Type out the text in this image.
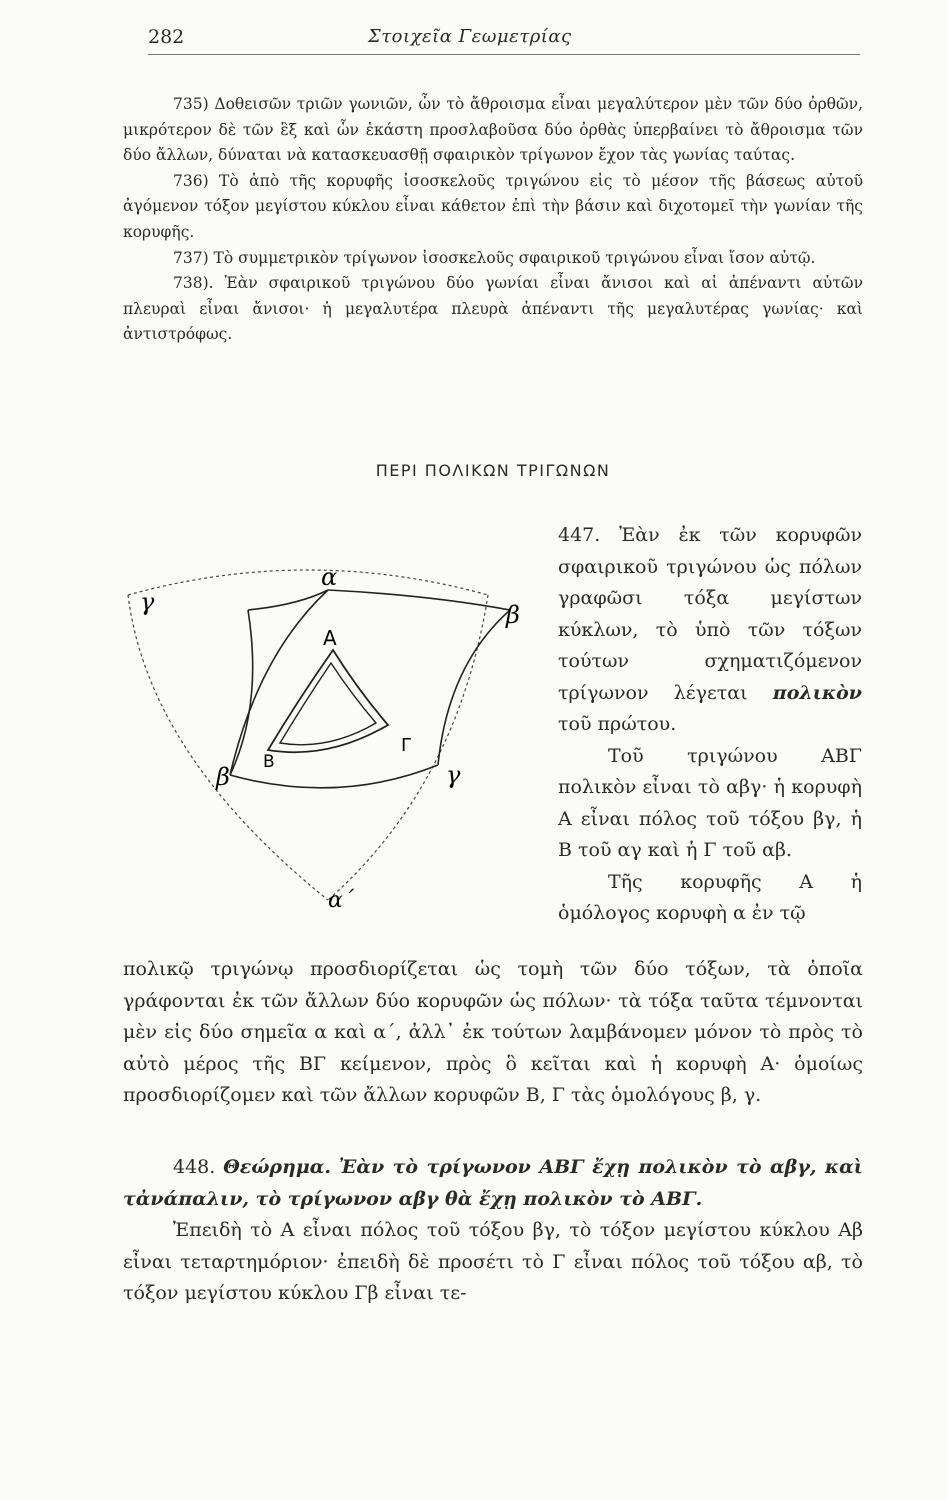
282	Στοιχεῖα Γεωμετρίας

735) Δοθεισῶν τριῶν γωνιῶν, ὧν τὸ ἄθροισμα εἶναι μεγαλύτερον μὲν τῶν δύο ὀρθῶν, μικρότερον δὲ τῶν ἓξ καὶ ὧν ἑκάστη προσλαβοῦσα δύο ὀρθὰς ὑπερβαίνει τὸ ἄθροισμα τῶν δύο ἄλλων, δύναται νὰ κατασκευασθῇ σφαιρικὸν τρίγωνον ἔχον τὰς γωνίας ταύτας.

736) Τὸ ἀπὸ τῆς κορυφῆς ἰσοσκελοῦς τριγώνου εἰς τὸ μέσον τῆς βάσεως αὐτοῦ ἀγόμενον τόξον μεγίστου κύκλου εἶναι κάθετον ἐπὶ τὴν βάσιν καὶ διχοτομεῖ τὴν γωνίαν τῆς κορυφῆς.

737) Τὸ συμμετρικὸν τρίγωνον ἰσοσκελοῦς σφαιρικοῦ τριγώνου εἶναι ἴσον αὐτῷ.

738). Ἐὰν σφαιρικοῦ τριγώνου δύο γωνίαι εἶναι ἄνισοι καὶ αἱ ἀπέναντι αὐτῶν πλευραὶ εἶναι ἄνισοι· ἡ μεγαλυτέρα πλευρὰ ἀπέναντι τῆς μεγαλυτέρας γωνίας· καὶ ἀντιστρόφως.

ΠΕΡΙ ΠΟΛΙΚΩΝ ΤΡΙΓΩΝΩΝ

447. Ἐὰν ἐκ τῶν κορυφῶν σφαιρικοῦ τριγώνου ὡς πόλων γραφῶσι τόξα μεγίστων κύκλων, τὸ ὑπὸ τῶν τόξων τούτων σχηματιζόμενον τρίγωνον λέγεται πολικὸν τοῦ πρώτου.

Τοῦ τριγώνου ΑΒΓ πολικὸν εἶναι τὸ αβγ· ἡ κορυφὴ Α εἶναι πόλος τοῦ τόξου βγ, ἡ Β τοῦ αγ καὶ ἡ Γ τοῦ αβ.

Τῆς κορυφῆς Α ἡ ὁμόλογος κορυφὴ α ἐν τῷ

πολικῷ τριγώνῳ προσδιορίζεται ὡς τομὴ τῶν δύο τόξων, τὰ ὁποῖα γράφονται ἐκ τῶν ἄλλων δύο κορυφῶν ὡς πόλων· τὰ τόξα ταῦτα τέμνονται μὲν εἰς δύο σημεῖα α καὶ α΄, ἀλλ᾽ ἐκ τούτων λαμβάνομεν μόνον τὸ πρὸς τὸ αὐτὸ μέρος τῆς ΒΓ κείμενον, πρὸς ὃ κεῖται καὶ ἡ κορυφὴ Α· ὁμοίως προσδιορίζομεν καὶ τῶν ἄλλων κορυφῶν Β, Γ τὰς ὁμολόγους β, γ.

448. Θεώρημα. Ἐὰν τὸ τρίγωνον ΑΒΓ ἔχῃ πολικὸν τὸ αβγ, καὶ τἀνάπαλιν, τὸ τρίγωνον αβγ θὰ ἔχῃ πολικὸν τὸ ΑΒΓ.

Ἐπειδὴ τὸ Α εἶναι πόλος τοῦ τόξου βγ, τὸ τόξον μεγίστου κύκλου Αβ εἶναι τεταρτημόριον· ἐπειδὴ δὲ προσέτι τὸ Γ εἶναι πόλος τοῦ τόξου αβ, τὸ τόξον μεγίστου κύκλου Γβ εἶναι τε-

α
A
B
Γ
γ	β
β	γ
α΄
